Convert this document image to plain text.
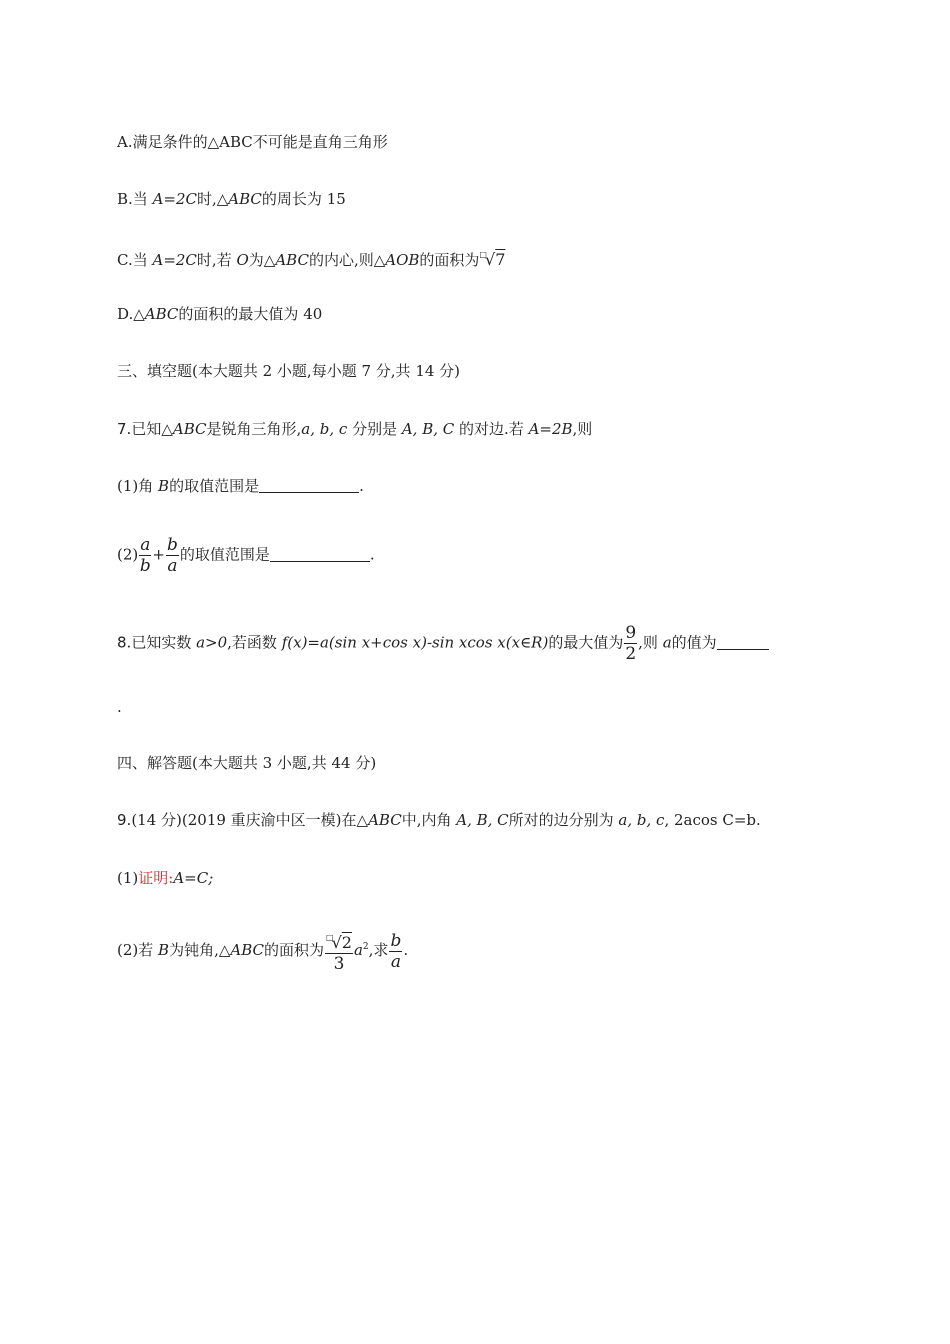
A.满足条件的△ABC不可能是直角三角形
B.当 A=2C时,△ABC的周长为 15
C.当 A=2C时,若 O为△ABC的内心,则△AOB的面积为□√7
D.△ABC的面积的最大值为 40
三、填空题(本大题共 2 小题,每小题 7 分,共 14 分)
7.已知△ABC是锐角三角形,a, b, c 分别是 A, B, C 的对边.若 A=2B,则
(1)角 B的取值范围是	.
$(2) \frac{a}{b} + \frac{b}{a}$ 的取值范围是	.
8.已知实数 a>0,若函数 f(x)=a(sin x+cos x)-sin xcos x(x∈R)的最大值为 $\frac{9}{2}$ ,则 a的值为
.
四、解答题(本大题共 3 小题,共 44 分)
9.(14 分)(2019 重庆渝中区一模)在△ABC中,内角 A, B, C所对的边分别为 a, b, c, 2acos C=b.
(1)证明:A=C;
(2)若 B为钝角,△ABC的面积为 $\frac{^□√2}{3} a^2$,求 $\frac{b}{a}$ .
